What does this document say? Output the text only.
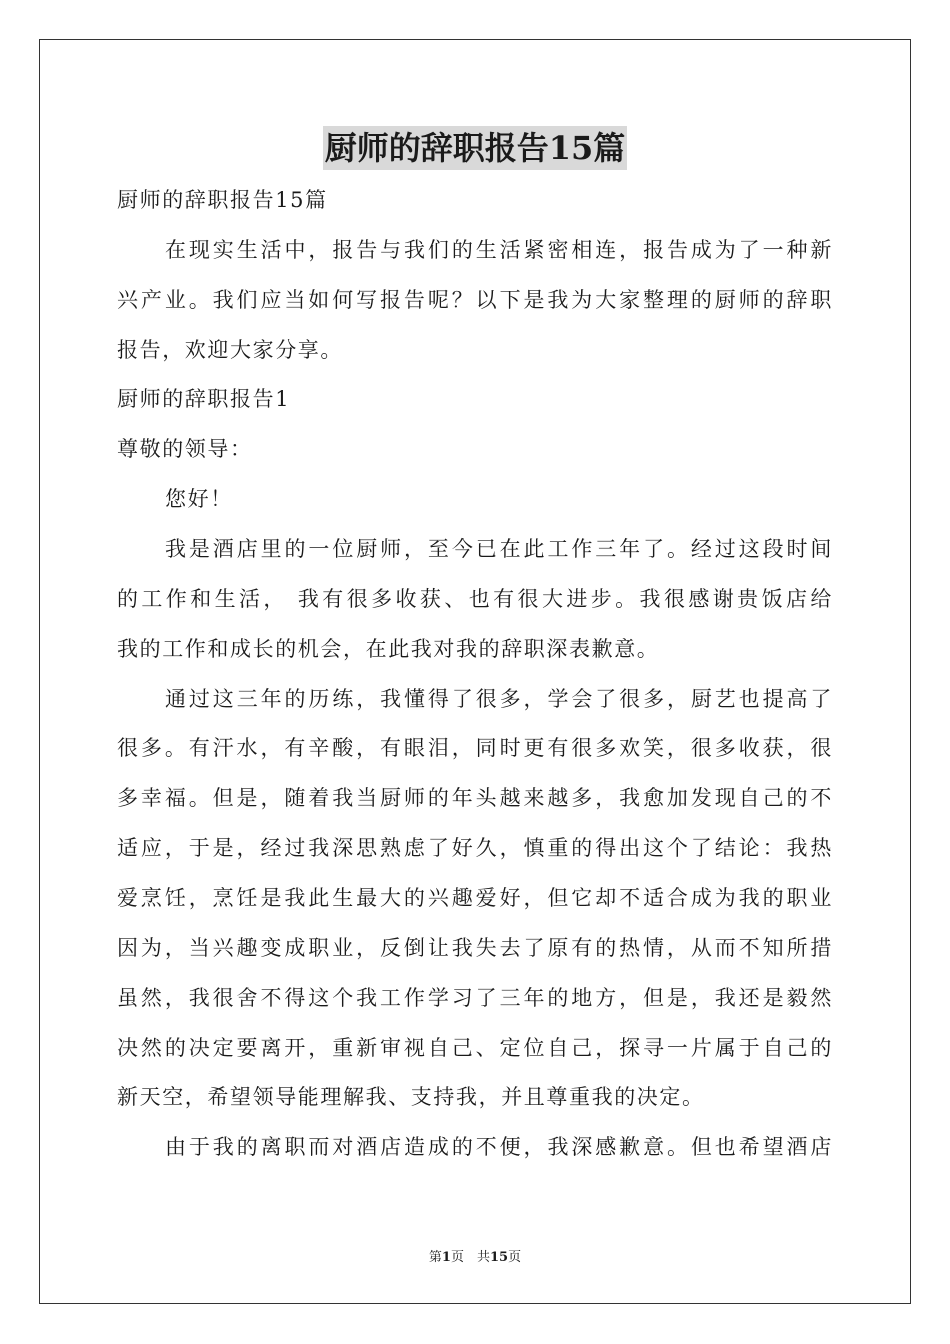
厨师的辞职报告15篇
厨师的辞职报告15篇
在现实生活中，报告与我们的生活紧密相连，报告成为了一种新
兴产业。我们应当如何写报告呢？以下是我为大家整理的厨师的辞职
报告，欢迎大家分享。
厨师的辞职报告1
尊敬的领导：
您好！
我是酒店里的一位厨师，至今已在此工作三年了。经过这段时间
的工作和生活， 我有很多收获、也有很大进步。我很感谢贵饭店给
我的工作和成长的机会，在此我对我的辞职深表歉意。
通过这三年的历练，我懂得了很多，学会了很多，厨艺也提高了
很多。有汗水，有辛酸，有眼泪，同时更有很多欢笑，很多收获，很
多幸福。但是，随着我当厨师的年头越来越多，我愈加发现自己的不
适应，于是，经过我深思熟虑了好久，慎重的得出这个了结论：我热
爱烹饪，烹饪是我此生最大的兴趣爱好，但它却不适合成为我的职业
因为，当兴趣变成职业，反倒让我失去了原有的热情，从而不知所措
虽然，我很舍不得这个我工作学习了三年的地方，但是，我还是毅然
决然的决定要离开，重新审视自己、定位自己，探寻一片属于自己的
新天空，希望领导能理解我、支持我，并且尊重我的决定。
由于我的离职而对酒店造成的不便，我深感歉意。但也希望酒店
第1页　共15页
